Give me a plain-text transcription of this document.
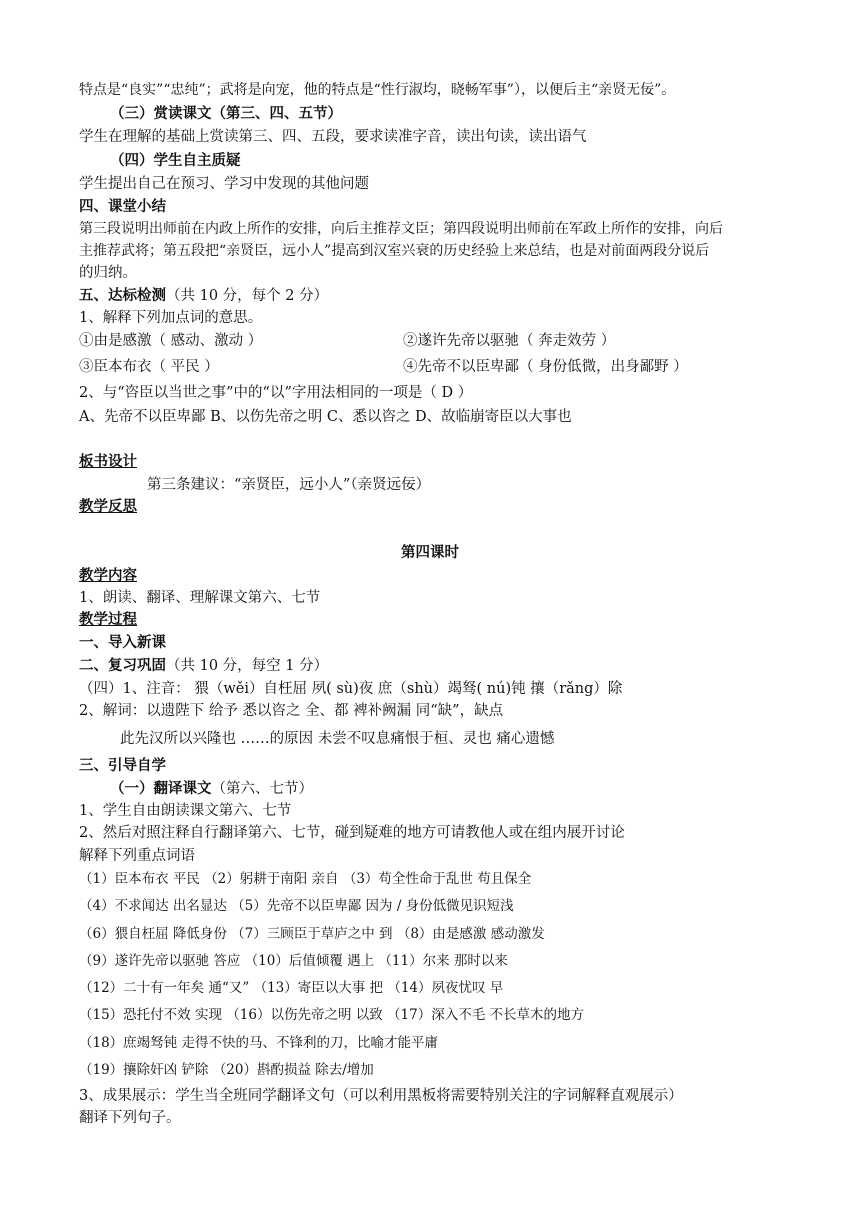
特点是“良实”“忠纯”；武将是向宠，他的特点是“性行淑均，晓畅军事”），以便后主“亲贤无佞”。
（三）赏读课文（第三、四、五节）
学生在理解的基础上赏读第三、四、五段，要求读准字音，读出句读，读出语气
（四）学生自主质疑
学生提出自己在预习、学习中发现的其他问题
四、课堂小结
第三段说明出师前在内政上所作的安排，向后主推荐文臣；第四段说明出师前在军政上所作的安排，向后
主推荐武将；第五段把“亲贤臣，远小人”提高到汉室兴衰的历史经验上来总结，也是对前面两段分说后
的归纳。
五、达标检测（共 10 分，每个 2 分）
1、解释下列加点词的意思。
①由是感激（ 感动、激动 ）	②遂许先帝以驱驰（ 奔走效劳 ）
③臣本布衣（ 平民 ）	④先帝不以臣卑鄙（ 身份低微，出身鄙野 ）
2、与“咨臣以当世之事”中的“以”字用法相同的一项是（ D ）
A、先帝不以臣卑鄙 B、以伤先帝之明 C、悉以咨之 D、故临崩寄臣以大事也
板书设计
第三条建议：“亲贤臣，远小人”（亲贤远佞）
教学反思
第四课时
教学内容
1、朗读、翻译、理解课文第六、七节
教学过程
一、导入新课
二、复习巩固（共 10 分，每空 1 分）
（四）1、注音： 猥（wěi）自枉屈 夙( sù)夜 庶（shù）竭驽( nú)钝 攘（rǎng）除
2、解词：以遗陛下 给予 悉以咨之 全、都 裨补阙漏 同“缺”，缺点
此先汉所以兴隆也 ……的原因 未尝不叹息痛恨于桓、灵也 痛心遗憾
三、引导自学
（一）翻译课文（第六、七节）
1、学生自由朗读课文第六、七节
2、然后对照注释自行翻译第六、七节，碰到疑难的地方可请教他人或在组内展开讨论
解释下列重点词语
（1）臣本布衣 平民 （2）躬耕于南阳 亲自 （3）苟全性命于乱世 苟且保全
（4）不求闻达 出名显达 （5）先帝不以臣卑鄙 因为 / 身份低微见识短浅
（6）猥自枉屈 降低身份 （7）三顾臣于草庐之中 到 （8）由是感激 感动激发
（9）遂许先帝以驱驰 答应 （10）后值倾覆 遇上 （11）尔来 那时以来
（12）二十有一年矣 通“又” （13）寄臣以大事 把 （14）夙夜忧叹 早
（15）恐托付不效 实现 （16）以伤先帝之明 以致 （17）深入不毛 不长草木的地方
（18）庶竭驽钝 走得不快的马、不锋利的刀，比喻才能平庸
（19）攘除奸凶 铲除 （20）斟酌损益 除去/增加
3、成果展示：学生当全班同学翻译文句（可以利用黑板将需要特别关注的字词解释直观展示）
翻译下列句子。
